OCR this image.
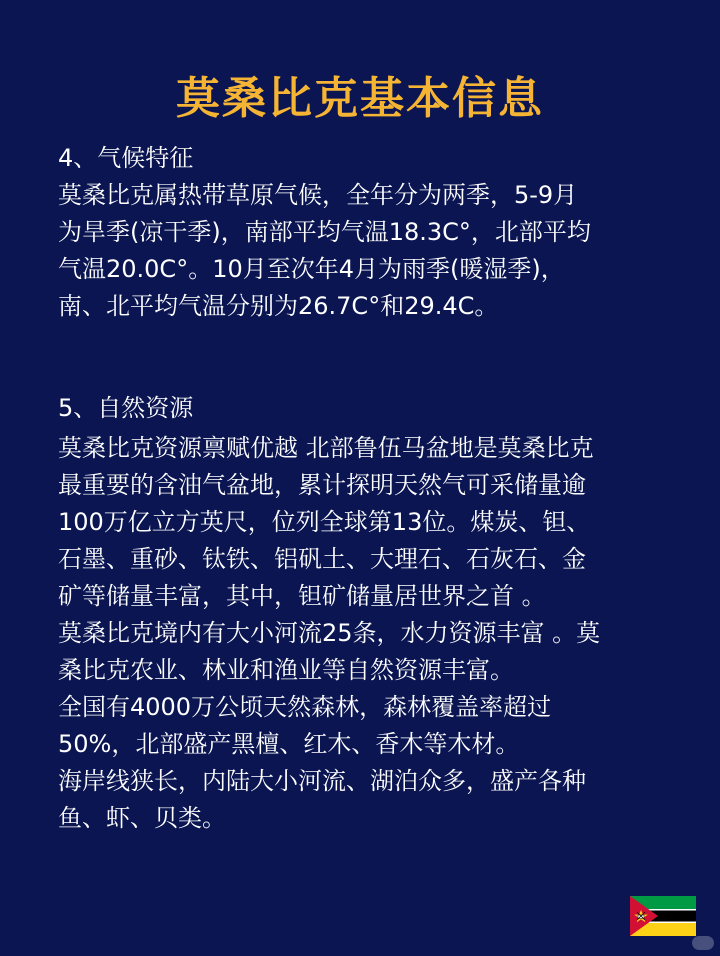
莫桑比克基本信息
4、气候特征
莫桑比克属热带草原气候，全年分为两季，5-9月
为旱季(凉干季)，南部平均气温18.3C°，北部平均
气温20.0C°。10月至次年4月为雨季(暖湿季)，
南、北平均气温分别为26.7C°和29.4C。
5、自然资源
莫桑比克资源禀赋优越 北部鲁伍马盆地是莫桑比克
最重要的含油气盆地，累计探明天然气可采储量逾
100万亿立方英尺，位列全球第13位。煤炭、钽、
石墨、重砂、钛铁、铝矾土、大理石、石灰石、金
矿等储量丰富，其中，钽矿储量居世界之首 。
莫桑比克境内有大小河流25条，水力资源丰富 。莫
桑比克农业、林业和渔业等自然资源丰富。
全国有4000万公顷天然森林，森林覆盖率超过
50%，北部盛产黑檀、红木、香木等木材。
海岸线狭长，内陆大小河流、湖泊众多，盛产各种
鱼、虾、贝类。
